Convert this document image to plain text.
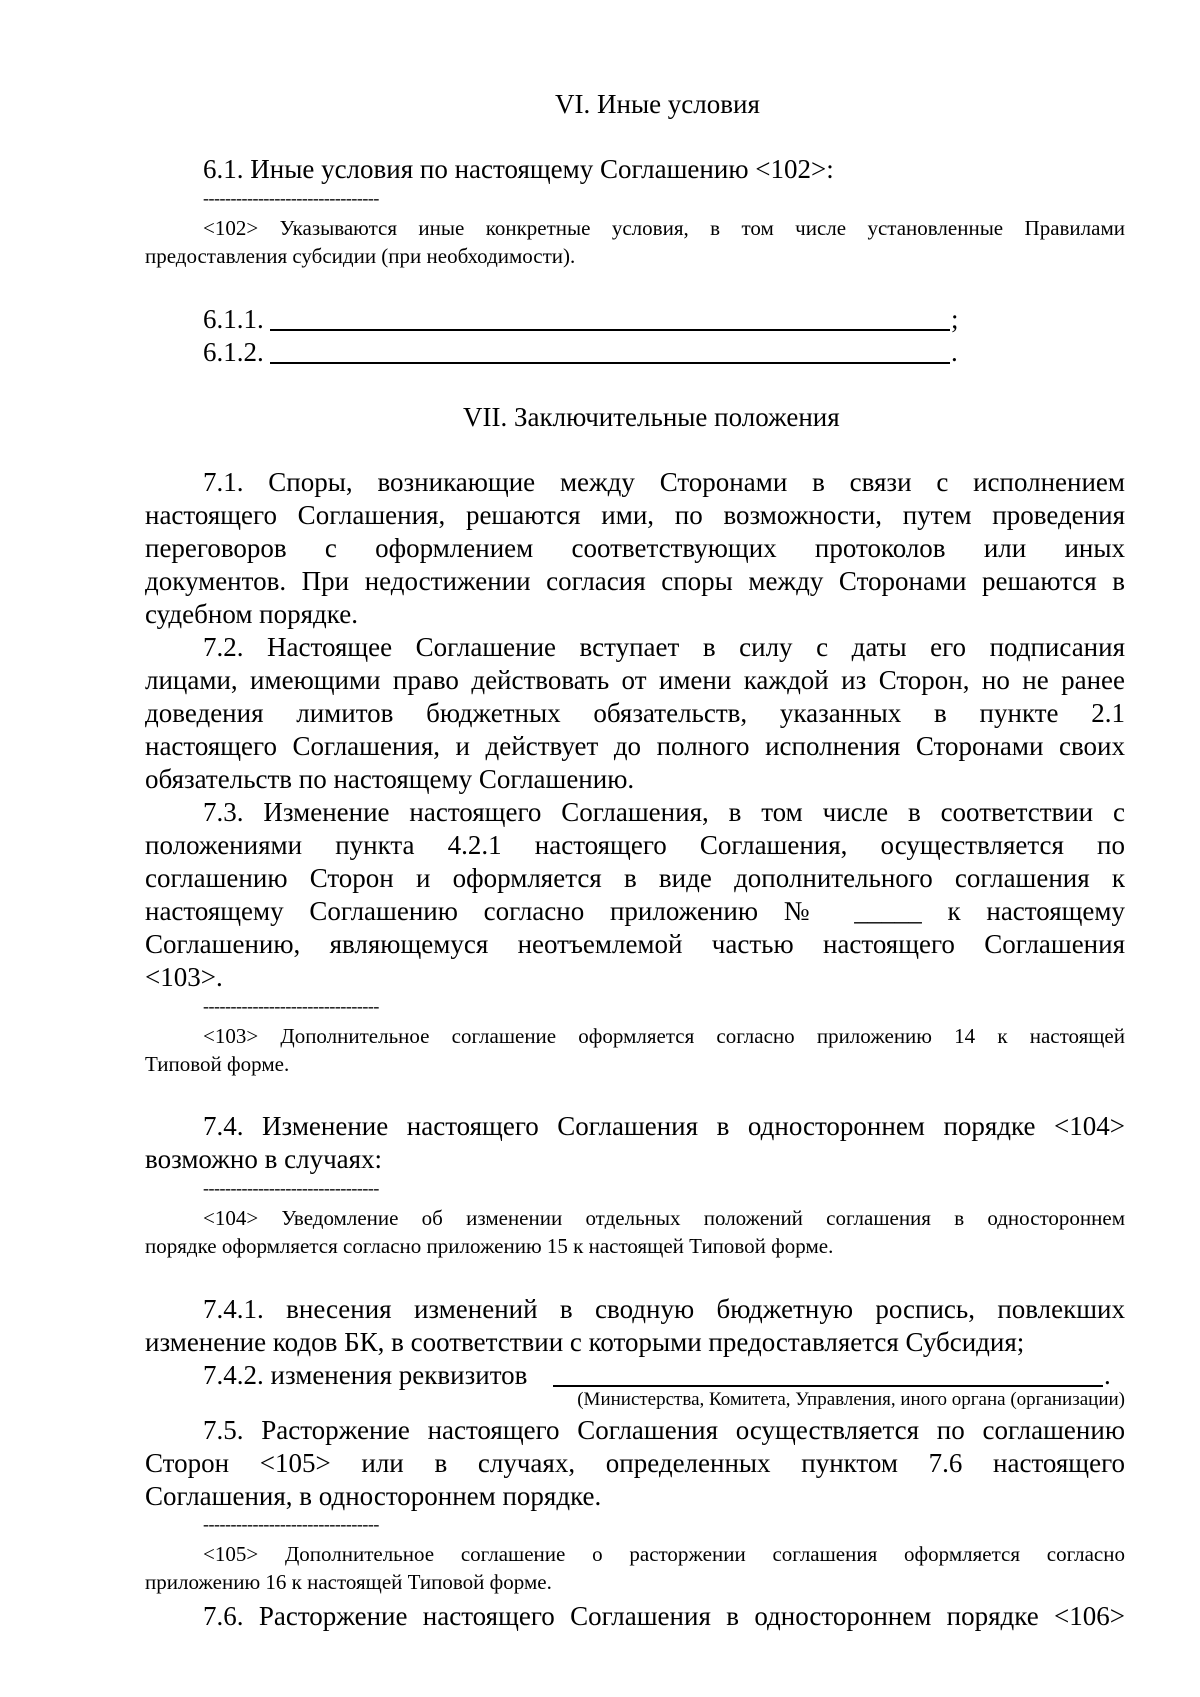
VI. Иные условия
6.1. Иные условия по настоящему Соглашению <102>:
--------------------------------
<102> Указываются иные конкретные условия, в том числе установленные Правилами
предоставления субсидии (при необходимости).
6.1.1.	;
6.1.2.	.
VII. Заключительные положения
7.1. Споры, возникающие между Сторонами в связи с исполнением
настоящего Соглашения, решаются ими, по возможности, путем проведения
переговоров с оформлением соответствующих протоколов или иных
документов. При недостижении согласия споры между Сторонами решаются в
судебном порядке.
7.2. Настоящее Соглашение вступает в силу с даты его подписания
лицами, имеющими право действовать от имени каждой из Сторон, но не ранее
доведения лимитов бюджетных обязательств, указанных в пункте 2.1
настоящего Соглашения, и действует до полного исполнения Сторонами своих
обязательств по настоящему Соглашению.
7.3. Изменение настоящего Соглашения, в том числе в соответствии с
положениями пункта 4.2.1 настоящего Соглашения, осуществляется по
соглашению Сторон и оформляется в виде дополнительного соглашения к
настоящему Соглашению согласно приложению № _____ к настоящему
Соглашению, являющемуся неотъемлемой частью настоящего Соглашения
<103>.
--------------------------------
<103> Дополнительное соглашение оформляется согласно приложению 14 к настоящей
Типовой форме.
7.4. Изменение настоящего Соглашения в одностороннем порядке <104>
возможно в случаях:
--------------------------------
<104> Уведомление об изменении отдельных положений соглашения в одностороннем
порядке оформляется согласно приложению 15 к настоящей Типовой форме.
7.4.1. внесения изменений в сводную бюджетную роспись, повлекших
изменение кодов БК, в соответствии с которыми предоставляется Субсидия;
7.4.2. изменения реквизитов	.
(Министерства, Комитета, Управления, иного органа (организации)
7.5. Расторжение настоящего Соглашения осуществляется по соглашению
Сторон <105> или в случаях, определенных пунктом 7.6 настоящего
Соглашения, в одностороннем порядке.
--------------------------------
<105> Дополнительное соглашение о расторжении соглашения оформляется согласно
приложению 16 к настоящей Типовой форме.
7.6. Расторжение настоящего Соглашения в одностороннем порядке <106>
